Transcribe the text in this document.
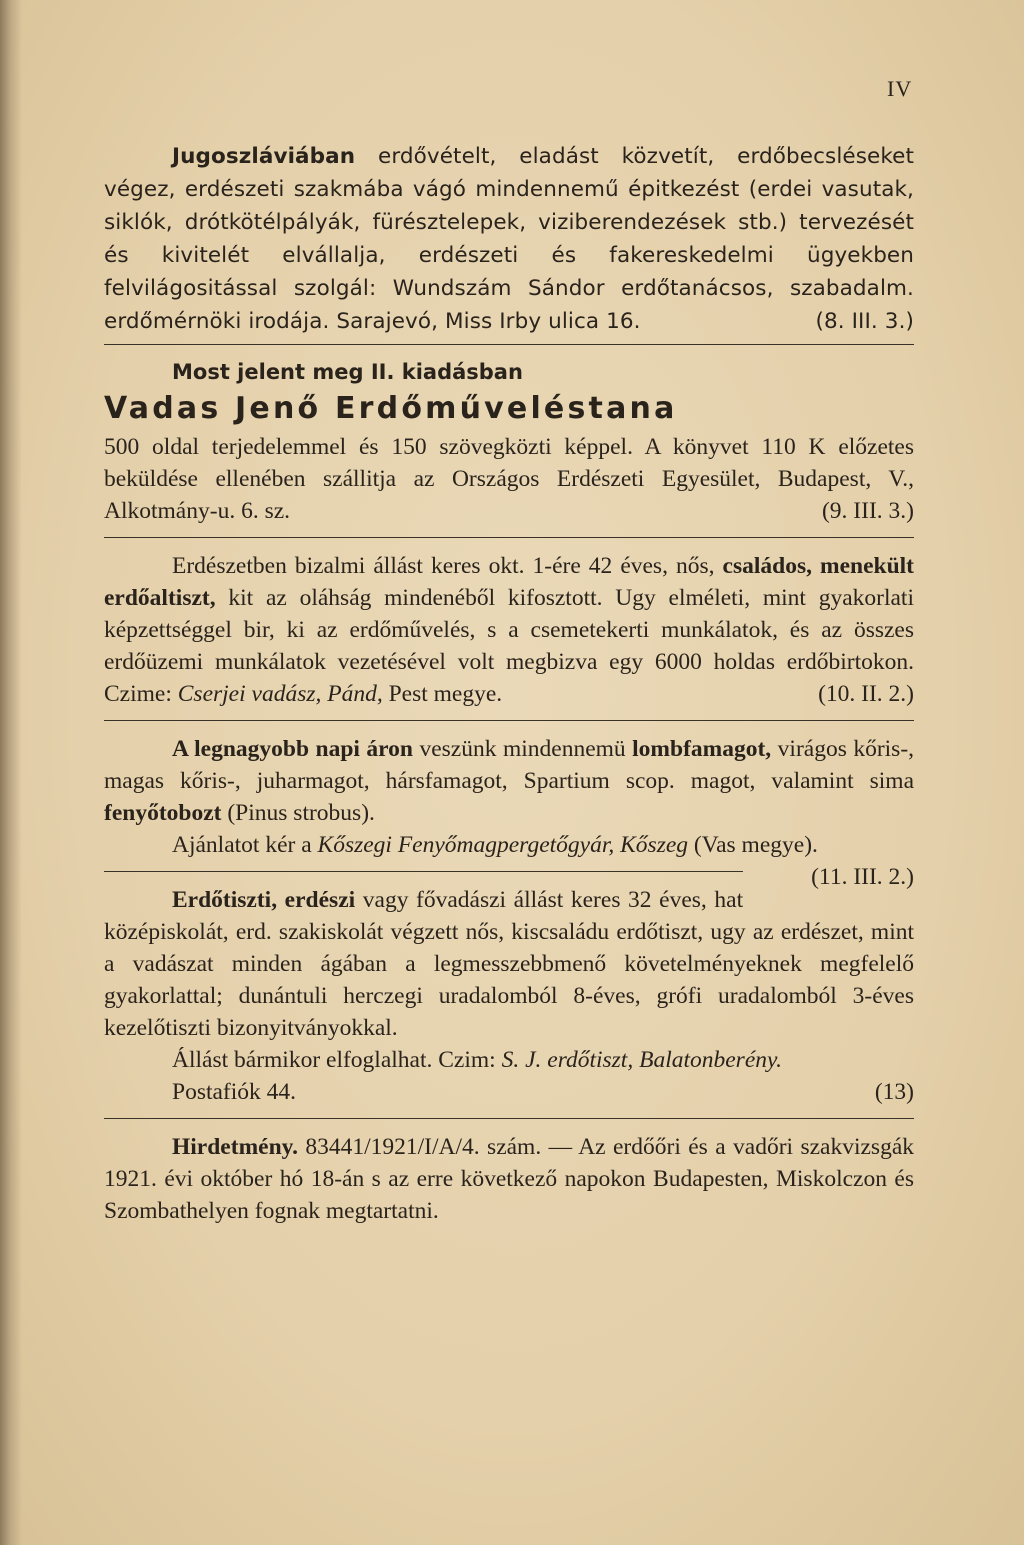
IV

Jugoszláviában erdővételt, eladást közvetít, erdőbecsléseket végez, erdészeti szakmába vágó mindennemű épitkezést (erdei vasutak, siklók, drótkötélpályák, fürésztelepek, viziberendezések stb.) tervezését és kivitelét elvállalja, erdészeti és fakereskedelmi ügyekben felvilágositással szolgál: Wundszám Sándor erdőtanácsos, szabadalm. erdőmérnöki irodája. Sarajevó, Miss Irby ulica 16.	(8. III. 3.)

Most jelent meg II. kiadásban
Vadas Jenő Erdőműveléstana

500 oldal terjedelemmel és 150 szövegközti képpel. A könyvet 110 K előzetes beküldése ellenében szállitja az Országos Erdészeti Egyesület, Budapest, V., Alkotmány-u. 6. sz.	(9. III. 3.)

Erdészetben bizalmi állást keres okt. 1-ére 42 éves, nős, családos, menekült erdőaltiszt, kit az oláhság mindenéből kifosztott. Ugy elméleti, mint gyakorlati képzettséggel bir, ki az erdőművelés, s a csemetekerti munkálatok, és az összes erdőüzemi munkálatok vezetésével volt megbizva egy 6000 holdas erdőbirtokon. Czime: Cserjei vadász, Pánd, Pest megye.	(10. II. 2.)

A legnagyobb napi áron veszünk mindennemü lombfamagot, virágos kőris-, magas kőris-, juharmagot, hársfamagot, Spartium scop. magot, valamint sima fenyőtobozt (Pinus strobus).

Ajánlatot kér a Kőszegi Fenyőmagpergetőgyár, Kőszeg (Vas megye).
(11. III. 2.)

Erdőtiszti, erdészi vagy fővadászi állást keres 32 éves, hat középiskolát, erd. szakiskolát végzett nős, kiscsaládu erdőtiszt, ugy az erdészet, mint a vadászat minden ágában a legmesszebbmenő követelményeknek megfelelő gyakorlattal; dunántuli herczegi uradalomból 8-éves, grófi uradalomból 3-éves kezelőtiszti bizonyitványokkal.

Állást bármikor elfoglalhat. Czim: S. J. erdőtiszt, Balatonberény.

Postafiók 44.	(13)

Hirdetmény. 83441/1921/I/A/4. szám. — Az erdőőri és a vadőri szakvizsgák 1921. évi október hó 18-án s az erre következő napokon Budapesten, Miskolczon és Szombathelyen fognak megtartatni.
